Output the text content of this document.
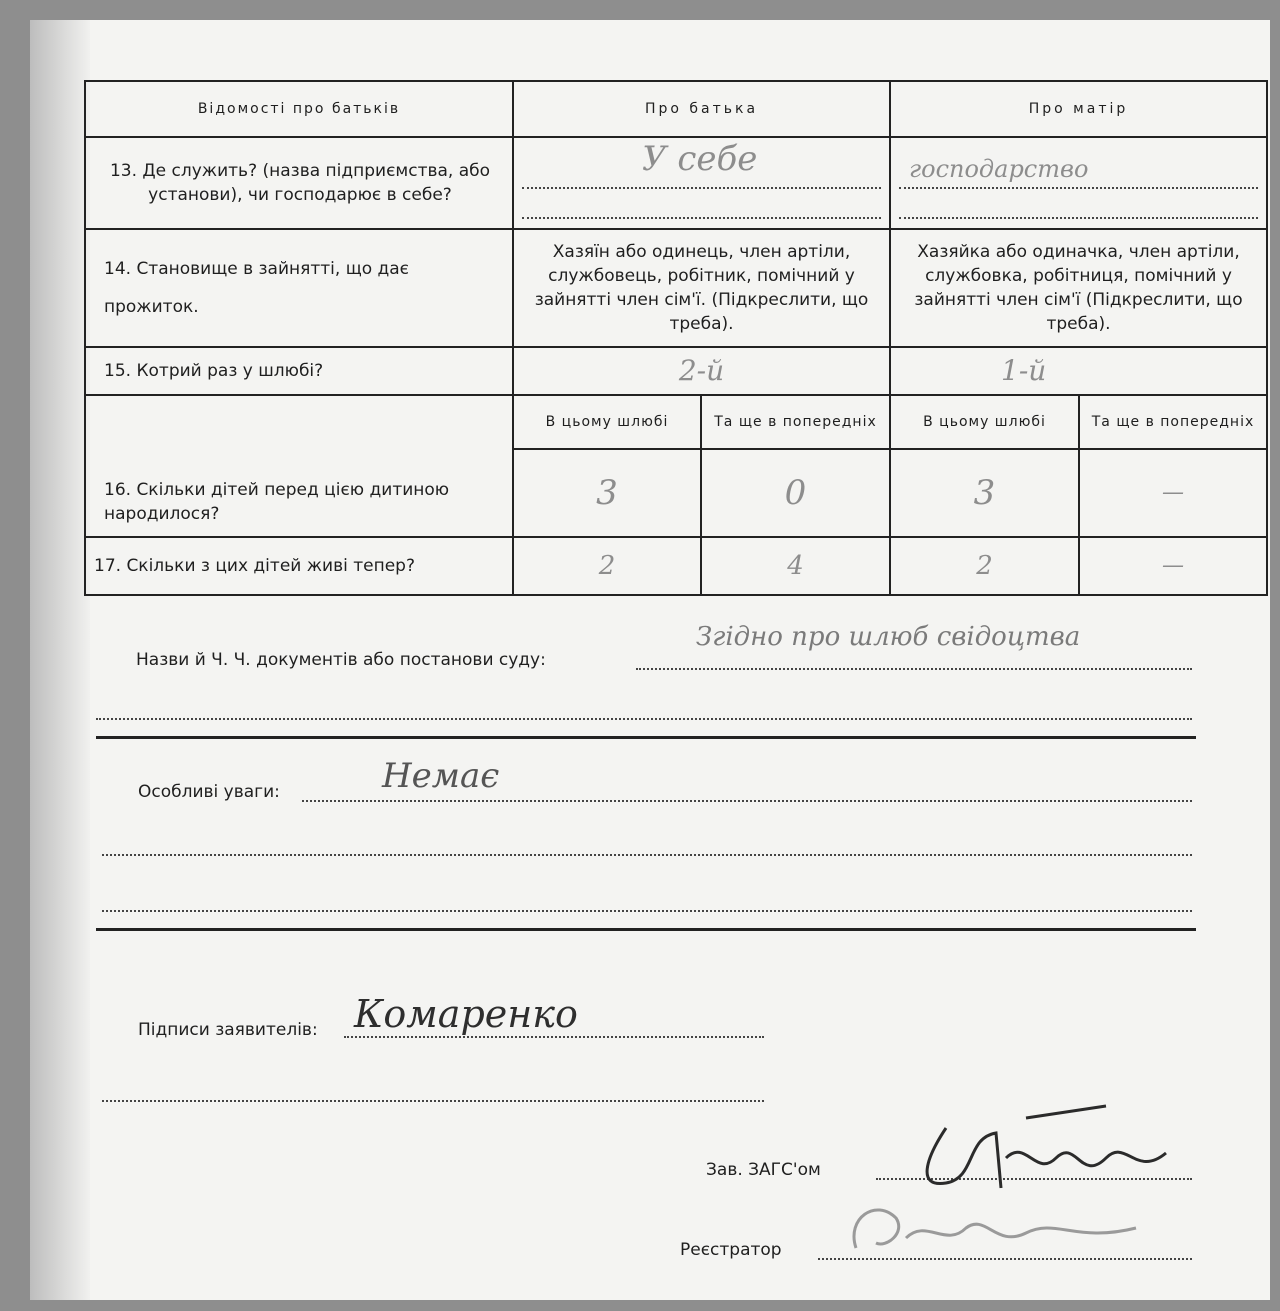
Відомості про батьків	Про батька		Про матір	
13. Де служить? (назва підприємства, або установи), чи господарює в себе?	У себе		господарство	

14. Становище в зайнятті, що дає прожиток.	Хазяїн або одинець, член артіли, службовець, робітник, помічний у зайнятті член сім'ї. (Підкреслити, що треба).		Хазяйка або одиначка, член артіли, службовка, робітниця, помічний у зайнятті член сім'ї (Підкреслити, що треба).	
15. Котрий раз у шлюбі?	2-й		1-й	
16. Скільки дітей перед цією дитиною народилося?	В цьому шлюбі	Та ще в попередніх	В цьому шлюбі	Та ще в попередніх
	3	0	3	—
17. Скільки з цих дітей живі тепер?	2	4	2	—
Назви й Ч. Ч. документів або постанови суду:
Згідно про шлюб свідоцтва
Особливі уваги:	Немає
Підписи заявителів: Комаренко
Зав. ЗАГС'ом
Реєстратор
